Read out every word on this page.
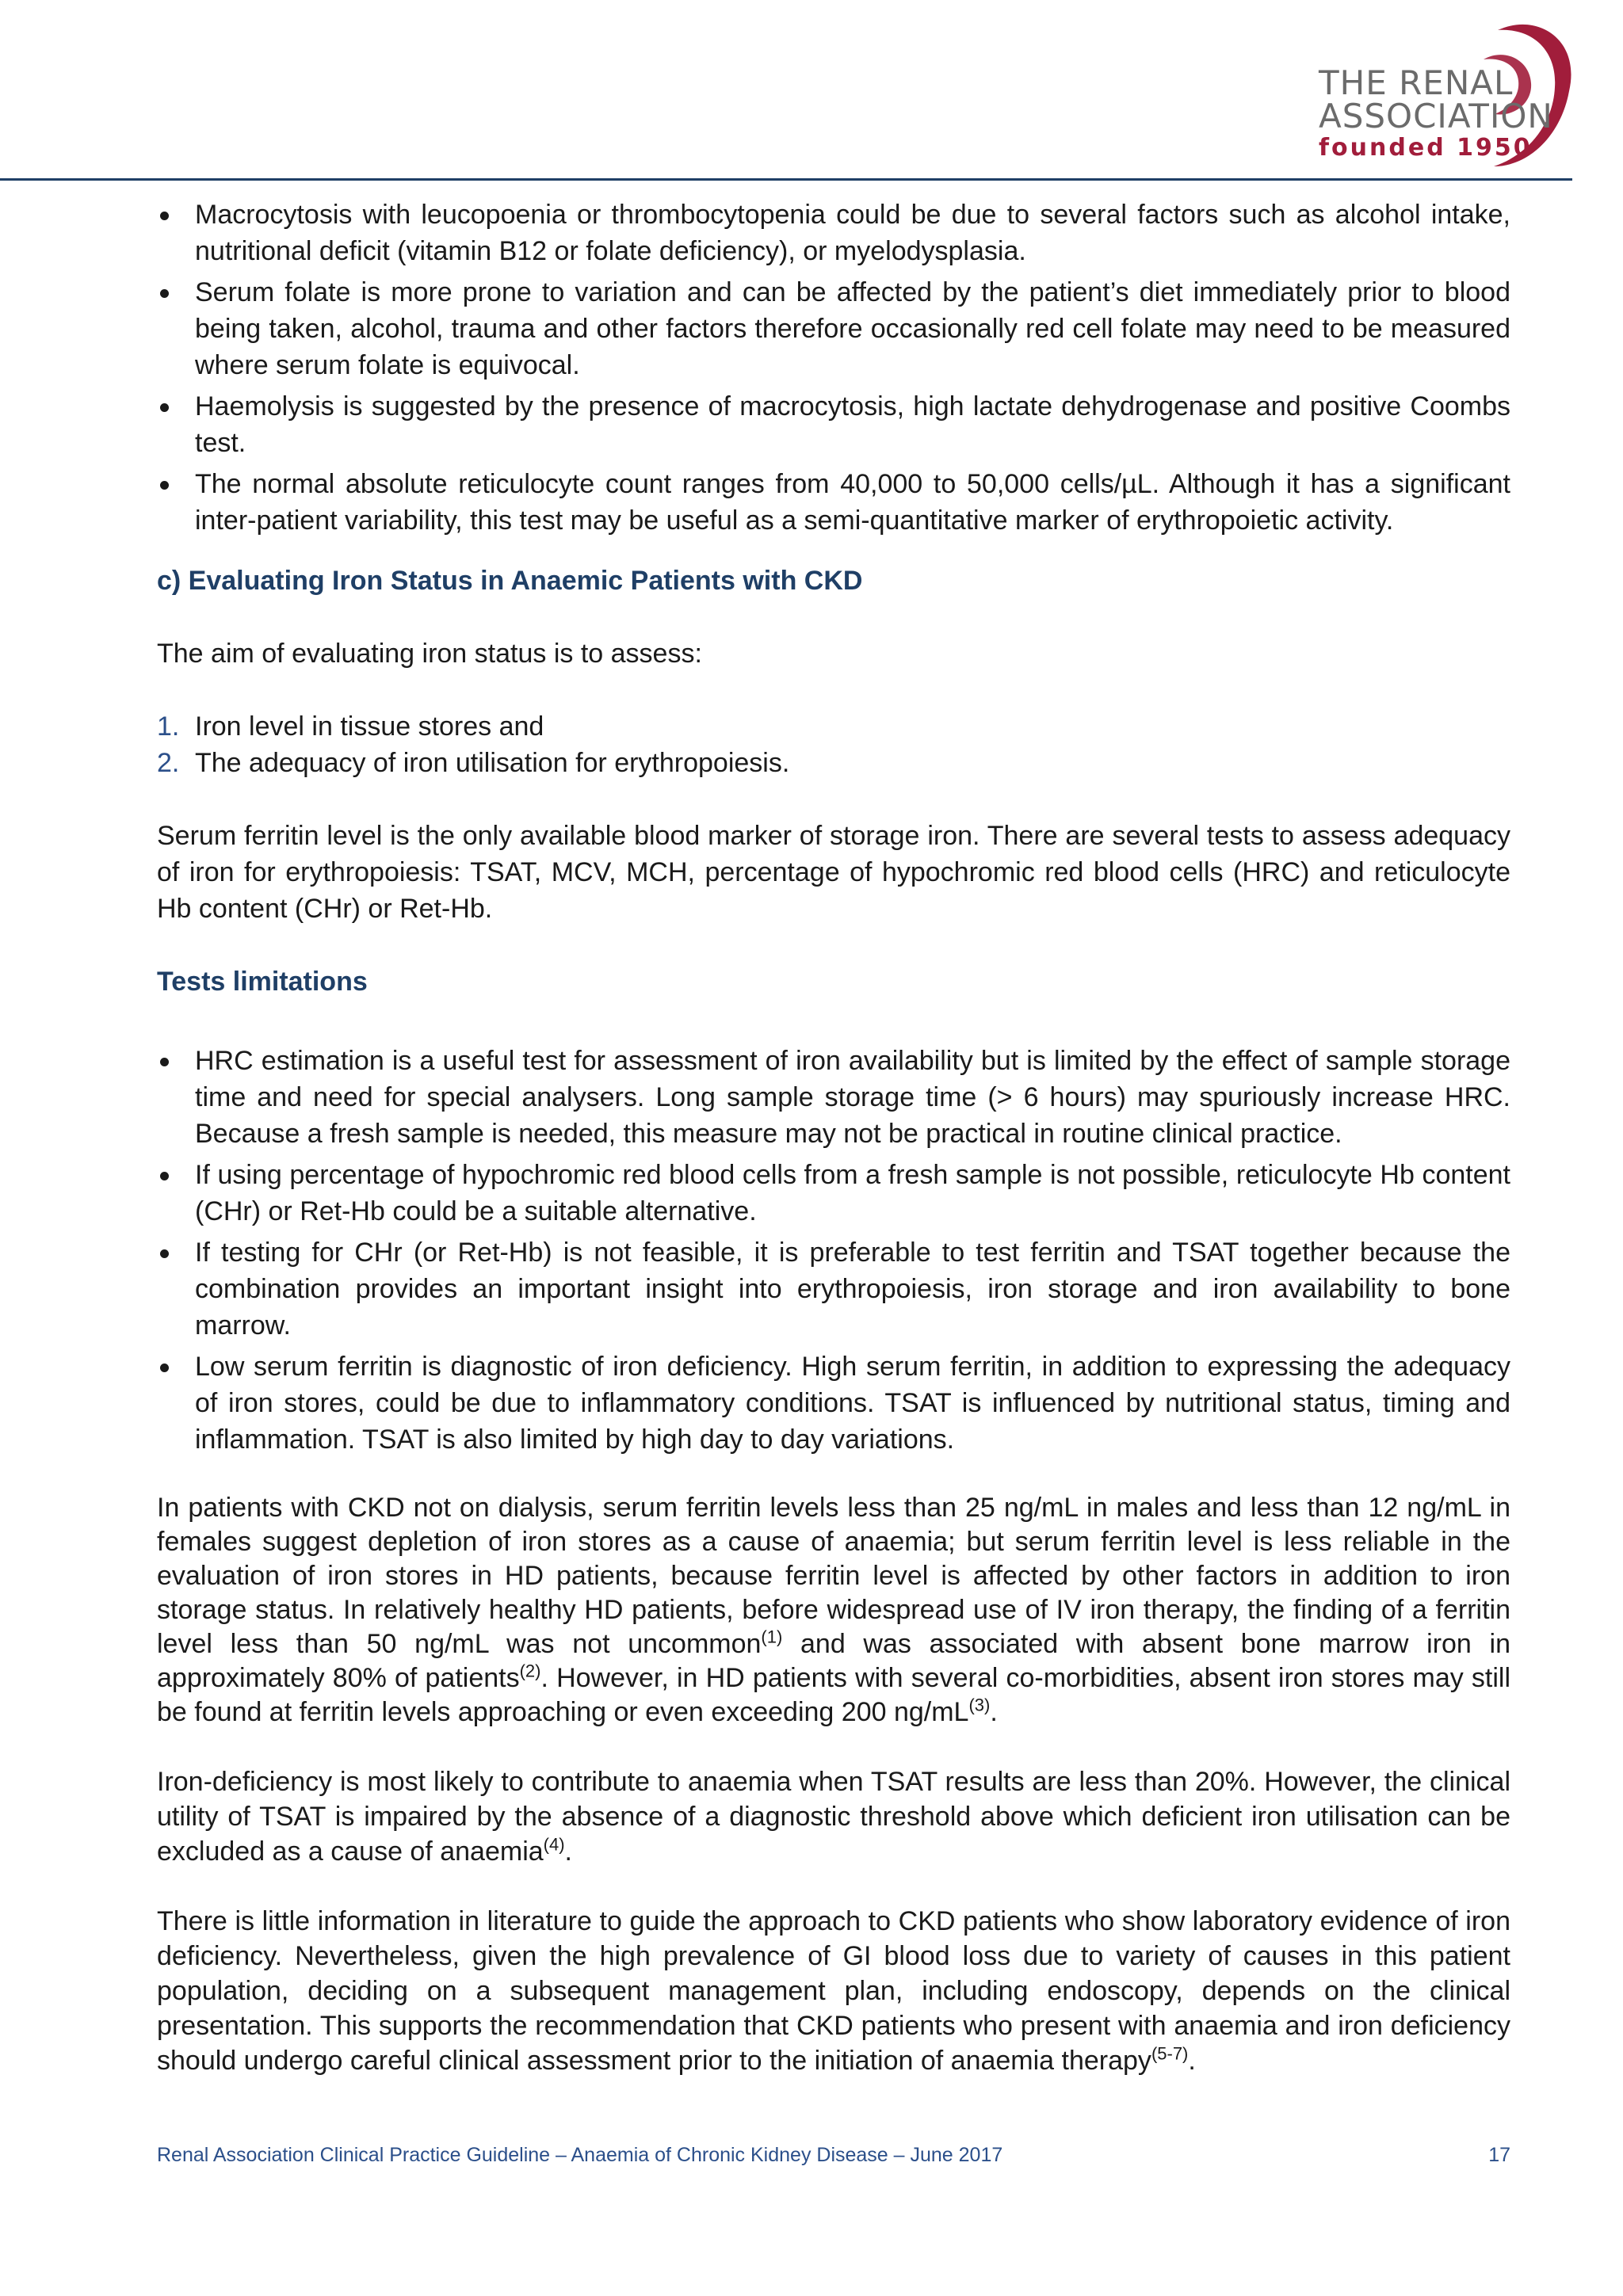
THE RENAL
ASSOCIATION
founded 1950
Macrocytosis with leucopoenia or thrombocytopenia could be due to several factors such as alcohol intake, nutritional deficit (vitamin B12 or folate deficiency), or myelodysplasia.
Serum folate is more prone to variation and can be affected by the patient’s diet immediately prior to blood being taken, alcohol, trauma and other factors therefore occasionally red cell folate may need to be measured where serum folate is equivocal.
Haemolysis is suggested by the presence of macrocytosis, high lactate dehydrogenase and positive Coombs test.
The normal absolute reticulocyte count ranges from 40,000 to 50,000 cells/µL. Although it has a significant inter-patient variability, this test may be useful as a semi-quantitative marker of erythropoietic activity.

c) Evaluating Iron Status in Anaemic Patients with CKD

The aim of evaluating iron status is to assess:

1. Iron level in tissue stores and
2. The adequacy of iron utilisation for erythropoiesis.

Serum ferritin level is the only available blood marker of storage iron. There are several tests to assess adequacy of iron for erythropoiesis: TSAT, MCV, MCH, percentage of hypochromic red blood cells (HRC) and reticulocyte Hb content (CHr) or Ret-Hb.

Tests limitations

HRC estimation is a useful test for assessment of iron availability but is limited by the effect of sample storage time and need for special analysers. Long sample storage time (> 6 hours) may spuriously increase HRC. Because a fresh sample is needed, this measure may not be practical in routine clinical practice.
If using percentage of hypochromic red blood cells from a fresh sample is not possible, reticulocyte Hb content (CHr) or Ret-Hb could be a suitable alternative.
If testing for CHr (or Ret-Hb) is not feasible, it is preferable to test ferritin and TSAT together because the combination provides an important insight into erythropoiesis, iron storage and iron availability to bone marrow.
Low serum ferritin is diagnostic of iron deficiency. High serum ferritin, in addition to expressing the adequacy of iron stores, could be due to inflammatory conditions. TSAT is influenced by nutritional status, timing and inflammation. TSAT is also limited by high day to day variations.

In patients with CKD not on dialysis, serum ferritin levels less than 25 ng/mL in males and less than 12 ng/mL in females suggest depletion of iron stores as a cause of anaemia; but serum ferritin level is less reliable in the evaluation of iron stores in HD patients, because ferritin level is affected by other factors in addition to iron storage status. In relatively healthy HD patients, before widespread use of IV iron therapy, the finding of a ferritin level less than 50 ng/mL was not uncommon$^{(1)}$ and was associated with absent bone marrow iron in approximately 80% of patients$^{(2)}$. However, in HD patients with several co-morbidities, absent iron stores may still be found at ferritin levels approaching or even exceeding 200 $ng/mL^{(3)}$.

Iron-deficiency is most likely to contribute to anaemia when TSAT results are less than 20%. However, the clinical utility of TSAT is impaired by the absence of a diagnostic threshold above which deficient iron utilisation can be excluded as a cause of anaemia$^{(4)}$.

There is little information in literature to guide the approach to CKD patients who show laboratory evidence of iron deficiency. Nevertheless, given the high prevalence of GI blood loss due to variety of causes in this patient population, deciding on a subsequent management plan, including endoscopy, depends on the clinical presentation. This supports the recommendation that CKD patients who present with anaemia and iron deficiency should undergo careful clinical assessment prior to the initiation of anaemia therapy$^{(5-7)}$.

Renal Association Clinical Practice Guideline – Anaemia of Chronic Kidney Disease – June 2017	17
